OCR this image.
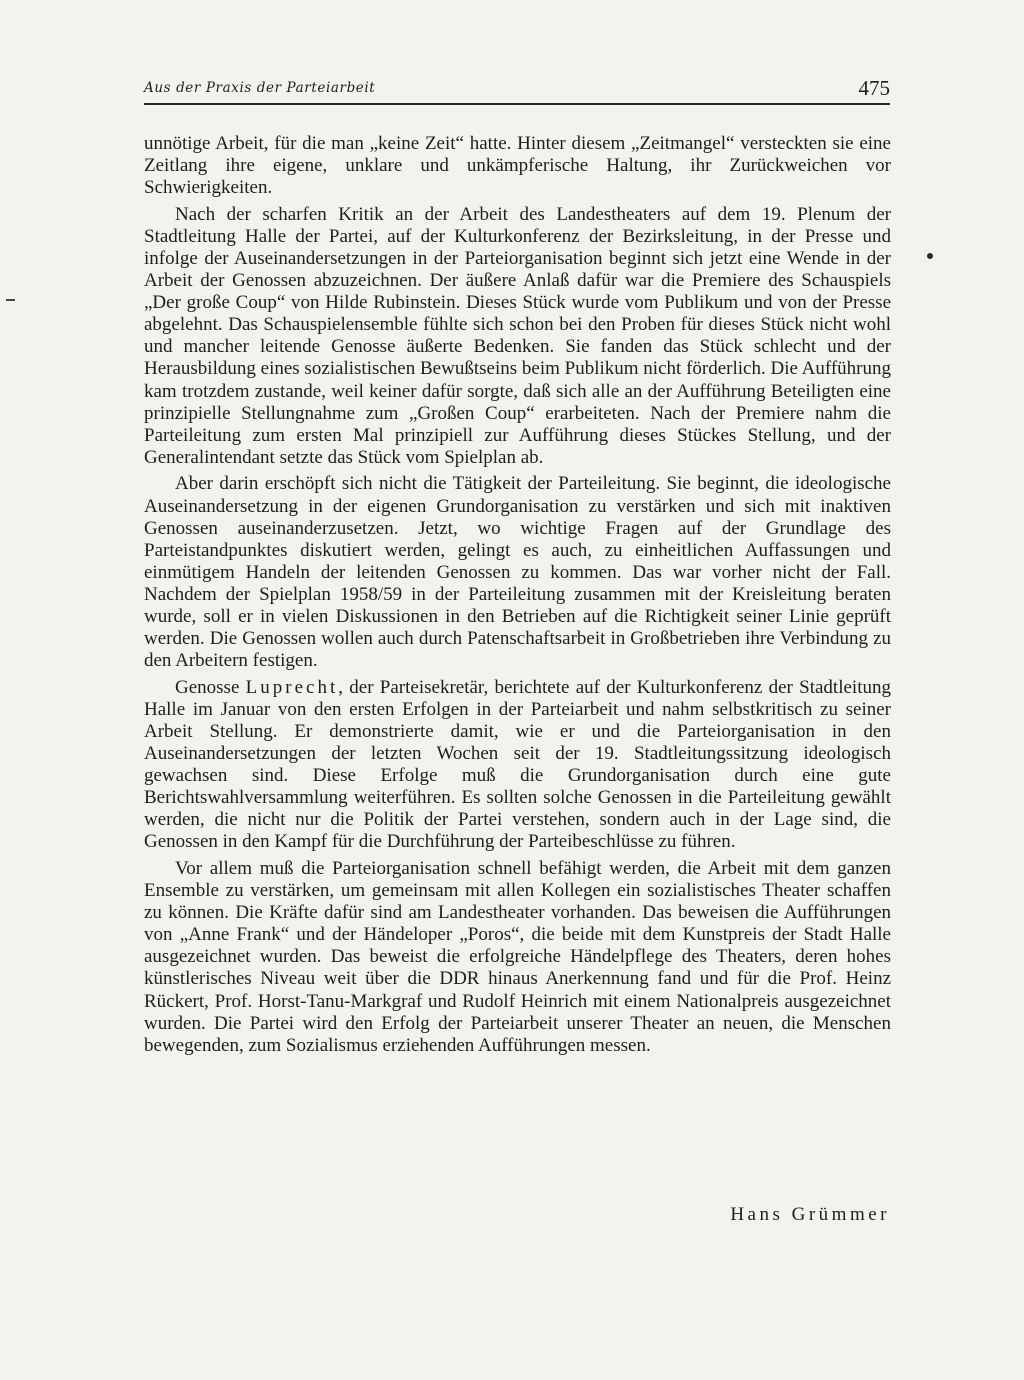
Aus der Praxis der Parteiarbeit	475

unnötige Arbeit, für die man „keine Zeit“ hatte. Hinter diesem „Zeitmangel“ versteckten sie eine Zeitlang ihre eigene, unklare und unkämpferische Haltung, ihr Zurückweichen vor Schwierigkeiten.

Nach der scharfen Kritik an der Arbeit des Landestheaters auf dem 19. Plenum der Stadtleitung Halle der Partei, auf der Kulturkonferenz der Bezirksleitung, in der Presse und infolge der Auseinandersetzungen in der Parteiorganisation beginnt sich jetzt eine Wende in der Arbeit der Genossen abzuzeichnen. Der äußere Anlaß dafür war die Premiere des Schauspiels „Der große Coup“ von Hilde Rubinstein. Dieses Stück wurde vom Publikum und von der Presse abgelehnt. Das Schauspielensemble fühlte sich schon bei den Proben für dieses Stück nicht wohl und mancher leitende Genosse äußerte Bedenken. Sie fanden das Stück schlecht und der Herausbildung eines sozialistischen Bewußtseins beim Publikum nicht förderlich. Die Aufführung kam trotzdem zustande, weil keiner dafür sorgte, daß sich alle an der Aufführung Beteiligten eine prinzipielle Stellungnahme zum „Großen Coup“ erarbeiteten. Nach der Premiere nahm die Parteileitung zum ersten Mal prinzipiell zur Aufführung dieses Stückes Stellung, und der Generalintendant setzte das Stück vom Spielplan ab.

Aber darin erschöpft sich nicht die Tätigkeit der Parteileitung. Sie beginnt, die ideologische Auseinandersetzung in der eigenen Grundorganisation zu verstärken und sich mit inaktiven Genossen auseinanderzusetzen. Jetzt, wo wichtige Fragen auf der Grundlage des Parteistandpunktes diskutiert werden, gelingt es auch, zu einheitlichen Auffassungen und einmütigem Handeln der leitenden Genossen zu kommen. Das war vorher nicht der Fall. Nachdem der Spielplan 1958/59 in der Parteileitung zusammen mit der Kreisleitung beraten wurde, soll er in vielen Diskussionen in den Betrieben auf die Richtigkeit seiner Linie geprüft werden. Die Genossen wollen auch durch Patenschaftsarbeit in Großbetrieben ihre Verbindung zu den Arbeitern festigen.

Genosse Luprecht, der Parteisekretär, berichtete auf der Kulturkonferenz der Stadtleitung Halle im Januar von den ersten Erfolgen in der Parteiarbeit und nahm selbstkritisch zu seiner Arbeit Stellung. Er demonstrierte damit, wie er und die Parteiorganisation in den Auseinandersetzungen der letzten Wochen seit der 19. Stadtleitungssitzung ideologisch gewachsen sind. Diese Erfolge muß die Grundorganisation durch eine gute Berichtswahlversammlung weiterführen. Es sollten solche Genossen in die Parteileitung gewählt werden, die nicht nur die Politik der Partei verstehen, sondern auch in der Lage sind, die Genossen in den Kampf für die Durchführung der Parteibeschlüsse zu führen.

Vor allem muß die Parteiorganisation schnell befähigt werden, die Arbeit mit dem ganzen Ensemble zu verstärken, um gemeinsam mit allen Kollegen ein sozialistisches Theater schaffen zu können. Die Kräfte dafür sind am Landestheater vorhanden. Das beweisen die Aufführungen von „Anne Frank“ und der Händeloper „Poros“, die beide mit dem Kunstpreis der Stadt Halle ausgezeichnet wurden. Das beweist die erfolgreiche Händelpflege des Theaters, deren hohes künstlerisches Niveau weit über die DDR hinaus Anerkennung fand und für die Prof. Heinz Rückert, Prof. Horst-Tanu-Markgraf und Rudolf Heinrich mit einem Nationalpreis ausgezeichnet wurden. Die Partei wird den Erfolg der Parteiarbeit unserer Theater an neuen, die Menschen bewegenden, zum Sozialismus erziehenden Aufführungen messen.

Hans Grümmer
